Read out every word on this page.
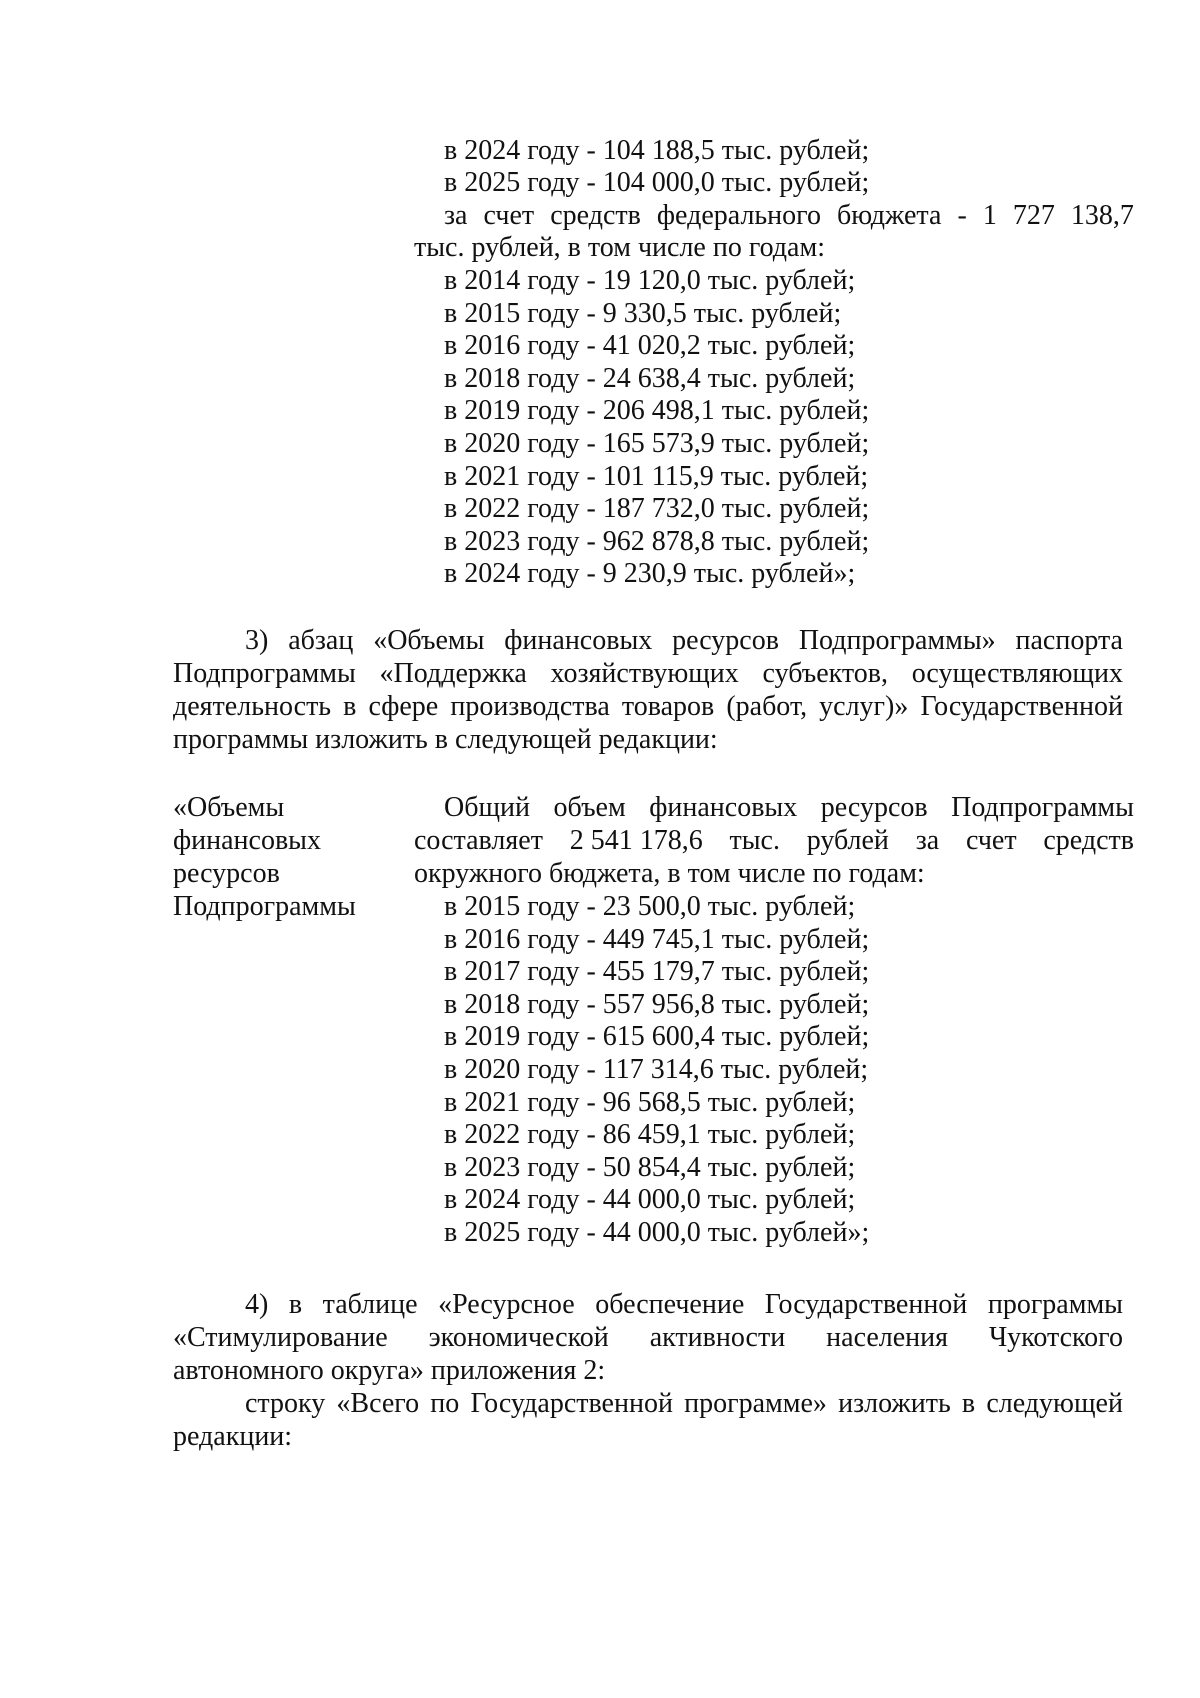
в 2024 году - 104 188,5 тыс. рублей;
в 2025 году - 104 000,0 тыс. рублей;
за счет средств федерального бюджета - 1 727 138,7
тыс. рублей, в том числе по годам:
в 2014 году - 19 120,0 тыс. рублей;
в 2015 году - 9 330,5 тыс. рублей;
в 2016 году - 41 020,2 тыс. рублей;
в 2018 году - 24 638,4 тыс. рублей;
в 2019 году - 206 498,1 тыс. рублей;
в 2020 году - 165 573,9 тыс. рублей;
в 2021 году - 101 115,9 тыс. рублей;
в 2022 году - 187 732,0 тыс. рублей;
в 2023 году - 962 878,8 тыс. рублей;
в 2024 году - 9 230,9 тыс. рублей»;
3) абзац «Объемы финансовых ресурсов Подпрограммы» паспорта
Подпрограммы «Поддержка хозяйствующих субъектов, осуществляющих
деятельность в сфере производства товаров (работ, услуг)» Государственной
программы изложить в следующей редакции:
«Объемы
финансовых
ресурсов
Подпрограммы
Общий объем финансовых ресурсов Подпрограммы
составляет 2 541 178,6 тыс. рублей за счет средств
окружного бюджета, в том числе по годам:
в 2015 году - 23 500,0 тыс. рублей;
в 2016 году - 449 745,1 тыс. рублей;
в 2017 году - 455 179,7 тыс. рублей;
в 2018 году - 557 956,8 тыс. рублей;
в 2019 году - 615 600,4 тыс. рублей;
в 2020 году - 117 314,6 тыс. рублей;
в 2021 году - 96 568,5 тыс. рублей;
в 2022 году - 86 459,1 тыс. рублей;
в 2023 году - 50 854,4 тыс. рублей;
в 2024 году - 44 000,0 тыс. рублей;
в 2025 году - 44 000,0 тыс. рублей»;
4) в таблице «Ресурсное обеспечение Государственной программы
«Стимулирование экономической активности населения Чукотского
автономного округа» приложения 2:
строку «Всего по Государственной программе» изложить в следующей
редакции:
